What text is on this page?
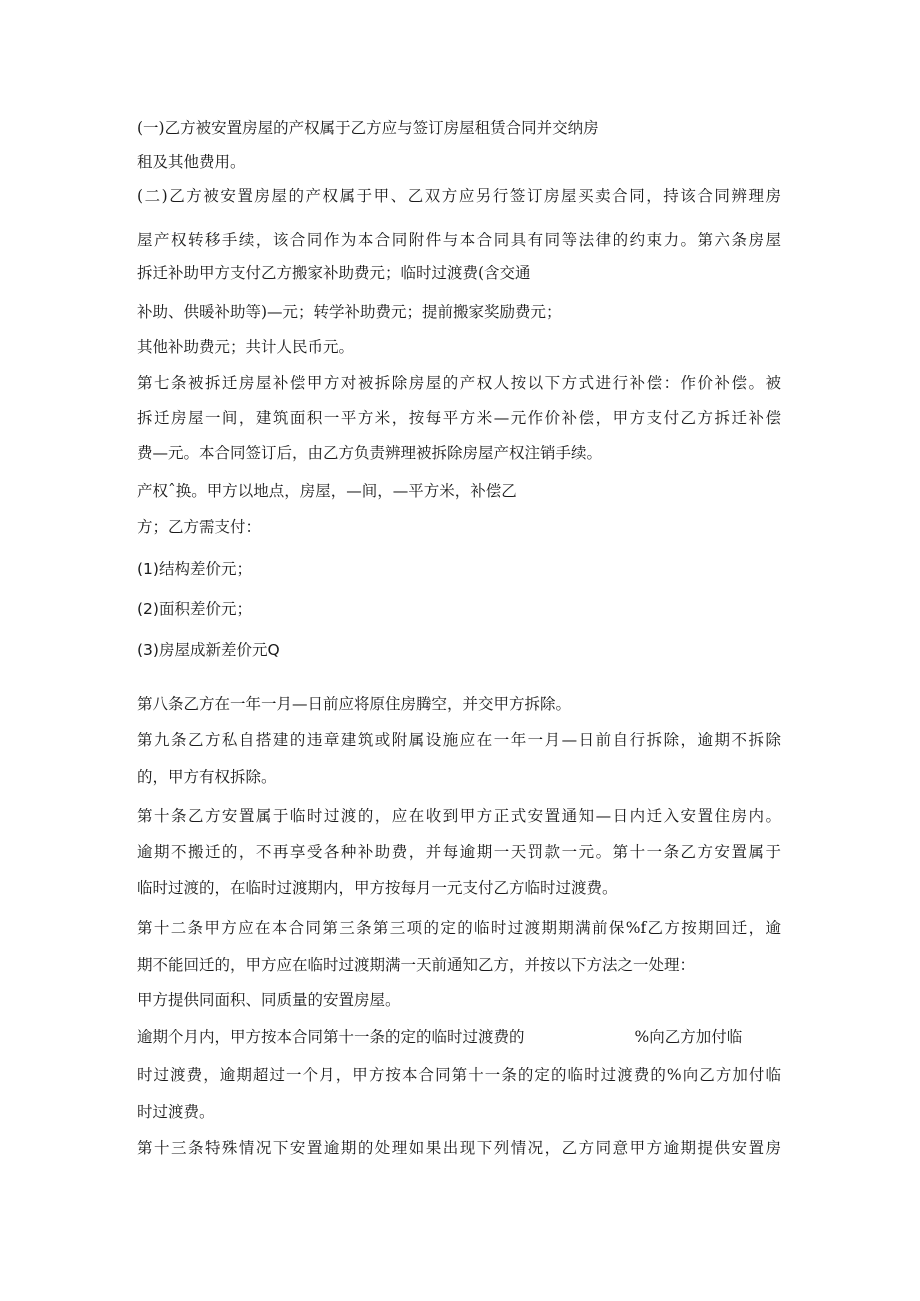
(一)乙方被安置房屋的产权属于乙方应与签订房屋租赁合同并交纳房
租及其他费用。
(二)乙方被安置房屋的产权属于甲、乙双方应另行签订房屋买卖合同，持该合同辨理房
屋产权转移手续，该合同作为本合同附件与本合同具有同等法律的约束力。第六条房屋
拆迁补助甲方支付乙方搬家补助费元；临时过渡费(含交通
补助、供暖补助等)—元；转学补助费元；提前搬家奖励费元；
其他补助费元；共计人民币元。
第七条被拆迁房屋补偿甲方对被拆除房屋的产权人按以下方式进行补偿：作价补偿。被
拆迁房屋一间，建筑面积一平方米，按每平方米—元作价补偿，甲方支付乙方拆迁补偿
费—元。本合同签订后，由乙方负责辨理被拆除房屋产权注销手续。
产权ˆ换。甲方以地点，房屋，—间，—平方米，补偿乙
方；乙方需支付：
(1)结构差价元；
(2)面积差价元；
(3)房屋成新差价元Q
第八条乙方在一年一月—日前应将原住房腾空，并交甲方拆除。
第九条乙方私自搭建的违章建筑或附属设施应在一年一月—日前自行拆除，逾期不拆除
的，甲方有权拆除。
第十条乙方安置属于临时过渡的，应在收到甲方正式安置通知—日内迁入安置住房内。
逾期不搬迁的，不再享受各种补助费，并每逾期一天罚款一元。第十一条乙方安置属于
临时过渡的，在临时过渡期内，甲方按每月一元支付乙方临时过渡费。
第十二条甲方应在本合同第三条第三项的定的临时过渡期期满前保%f乙方按期回迁，逾
期不能回迁的，甲方应在临时过渡期满一天前通知乙方，并按以下方法之一处理：
甲方提供同面积、同质量的安置房屋。
逾期个月内，甲方按本合同第十一条的定的临时过渡费的	%向乙方加付临
时过渡费，逾期超过一个月，甲方按本合同第十一条的定的临时过渡费的%向乙方加付临
时过渡费。
第十三条特殊情况下安置逾期的处理如果出现下列情况，乙方同意甲方逾期提供安置房
